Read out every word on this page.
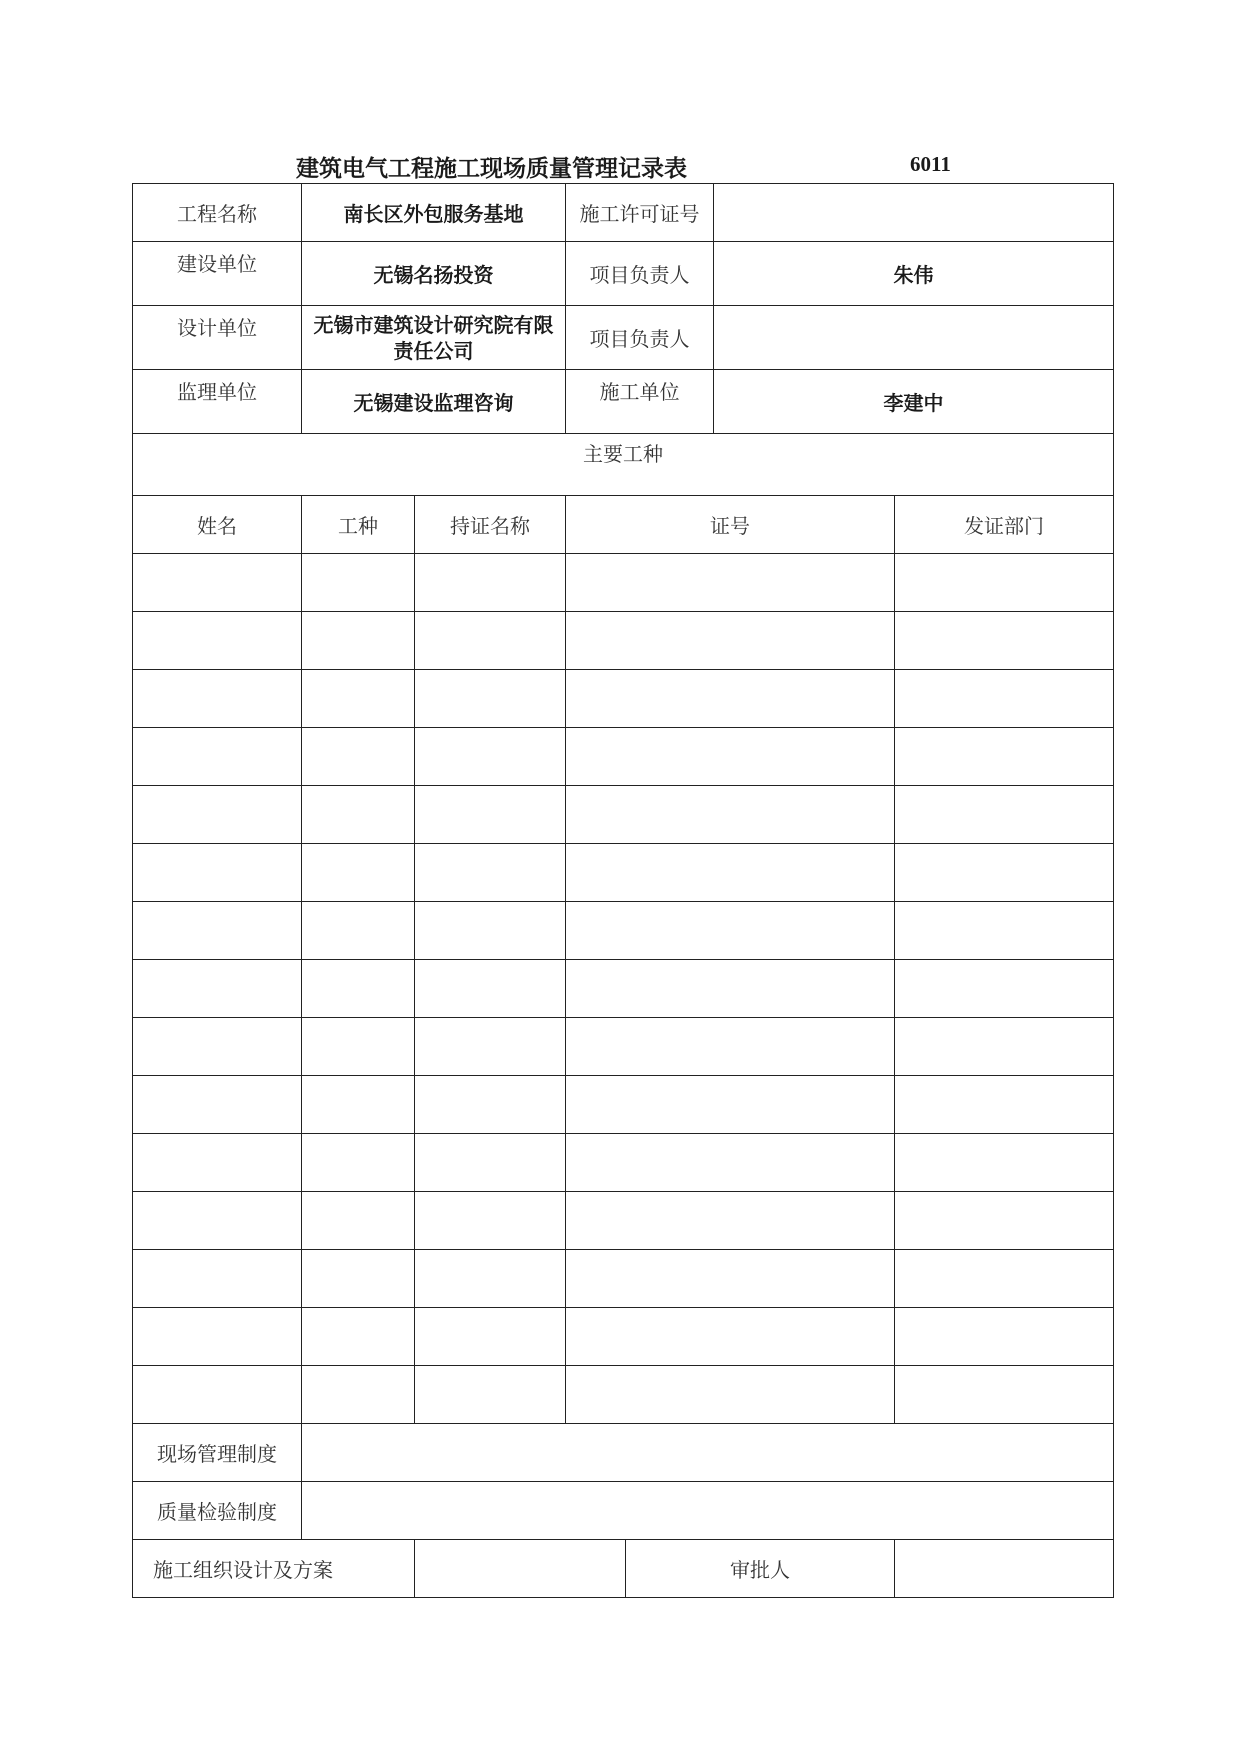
建筑电气工程施工现场质量管理记录表	6011
工程名称	南长区外包服务基地		施工许可证号			
建设单位	无锡名扬投资		项目负责人		朱伟	
设计单位	无锡市建筑设计研究院有限责任公司		项目负责人			
监理单位	无锡建设监理咨询		施工单位		李建中	
主要工种						
姓名	工种	持证名称	证号			发证部门

现场管理制度						
质量检验制度						
施工组织设计及方案				审批人		
